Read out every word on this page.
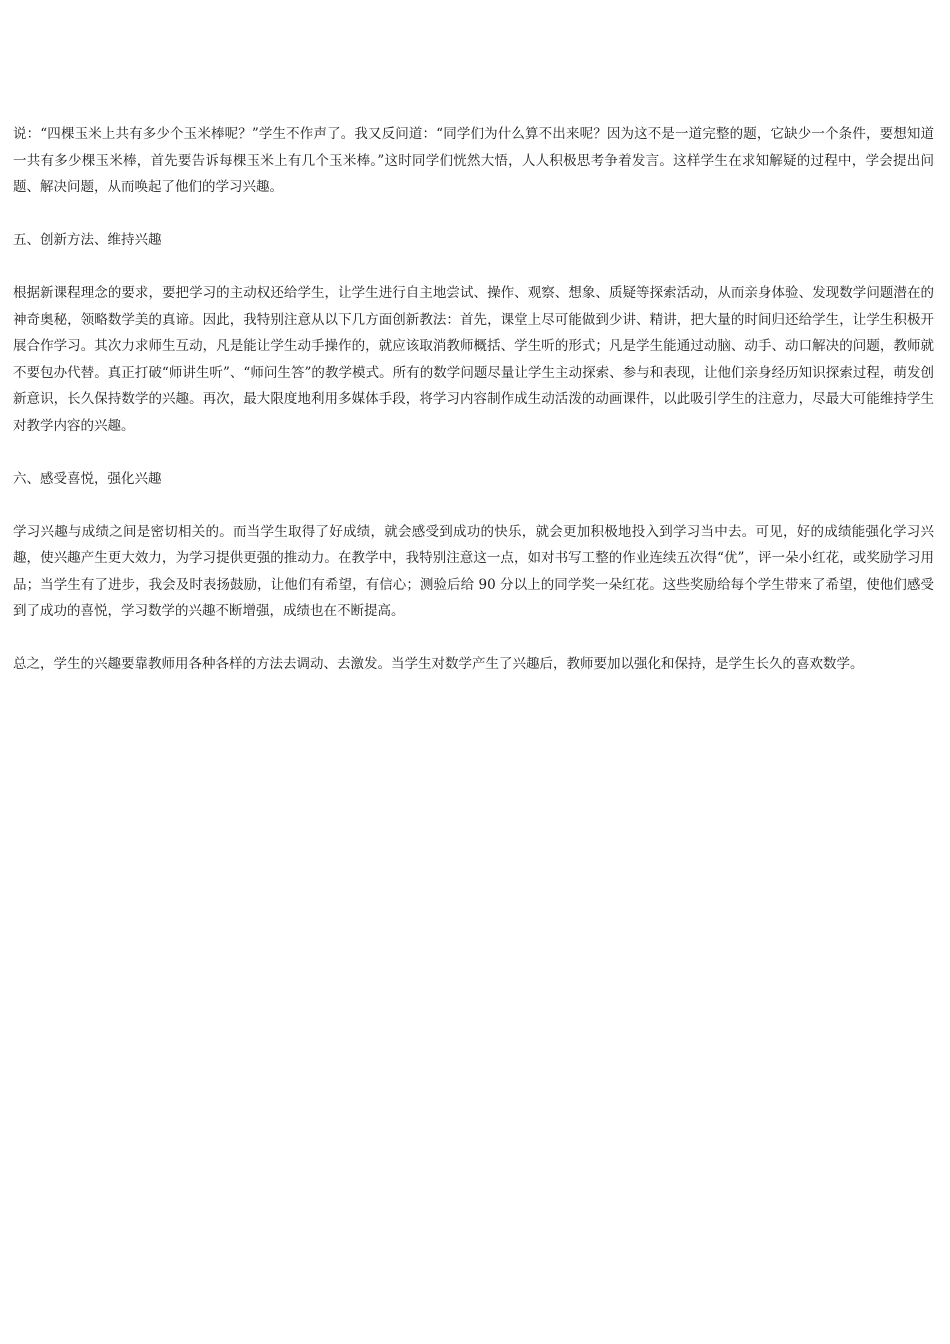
说：“四棵玉米上共有多少个玉米棒呢？”学生不作声了。我又反问道：“同学们为什么算不出来呢？因为这不是一道完整的题，它缺少一个条件，要想知道一共有多少棵玉米棒，首先要告诉每棵玉米上有几个玉米棒。”这时同学们恍然大悟，人人积极思考争着发言。这样学生在求知解疑的过程中，学会提出问题、解决问题，从而唤起了他们的学习兴趣。

五、创新方法、维持兴趣

根据新课程理念的要求，要把学习的主动权还给学生，让学生进行自主地尝试、操作、观察、想象、质疑等探索活动，从而亲身体验、发现数学问题潜在的神奇奥秘，领略数学美的真谛。因此，我特别注意从以下几方面创新教法：首先，课堂上尽可能做到少讲、精讲，把大量的时间归还给学生，让学生积极开展合作学习。其次力求师生互动，凡是能让学生动手操作的，就应该取消教师概括、学生听的形式；凡是学生能通过动脑、动手、动口解决的问题，教师就不要包办代替。真正打破“师讲生听”、“师问生答”的教学模式。所有的数学问题尽量让学生主动探索、参与和表现，让他们亲身经历知识探索过程，萌发创新意识，长久保持数学的兴趣。再次，最大限度地利用多媒体手段，将学习内容制作成生动活泼的动画课件，以此吸引学生的注意力，尽最大可能维持学生对教学内容的兴趣。

六、感受喜悦，强化兴趣

学习兴趣与成绩之间是密切相关的。而当学生取得了好成绩，就会感受到成功的快乐，就会更加积极地投入到学习当中去。可见，好的成绩能强化学习兴趣，使兴趣产生更大效力，为学习提供更强的推动力。在教学中，我特别注意这一点，如对书写工整的作业连续五次得“优”，评一朵小红花，或奖励学习用品；当学生有了进步，我会及时表扬鼓励，让他们有希望，有信心；测验后给 90 分以上的同学奖一朵红花。这些奖励给每个学生带来了希望，使他们感受到了成功的喜悦，学习数学的兴趣不断增强，成绩也在不断提高。

总之，学生的兴趣要靠教师用各种各样的方法去调动、去激发。当学生对数学产生了兴趣后，教师要加以强化和保持，是学生长久的喜欢数学。
